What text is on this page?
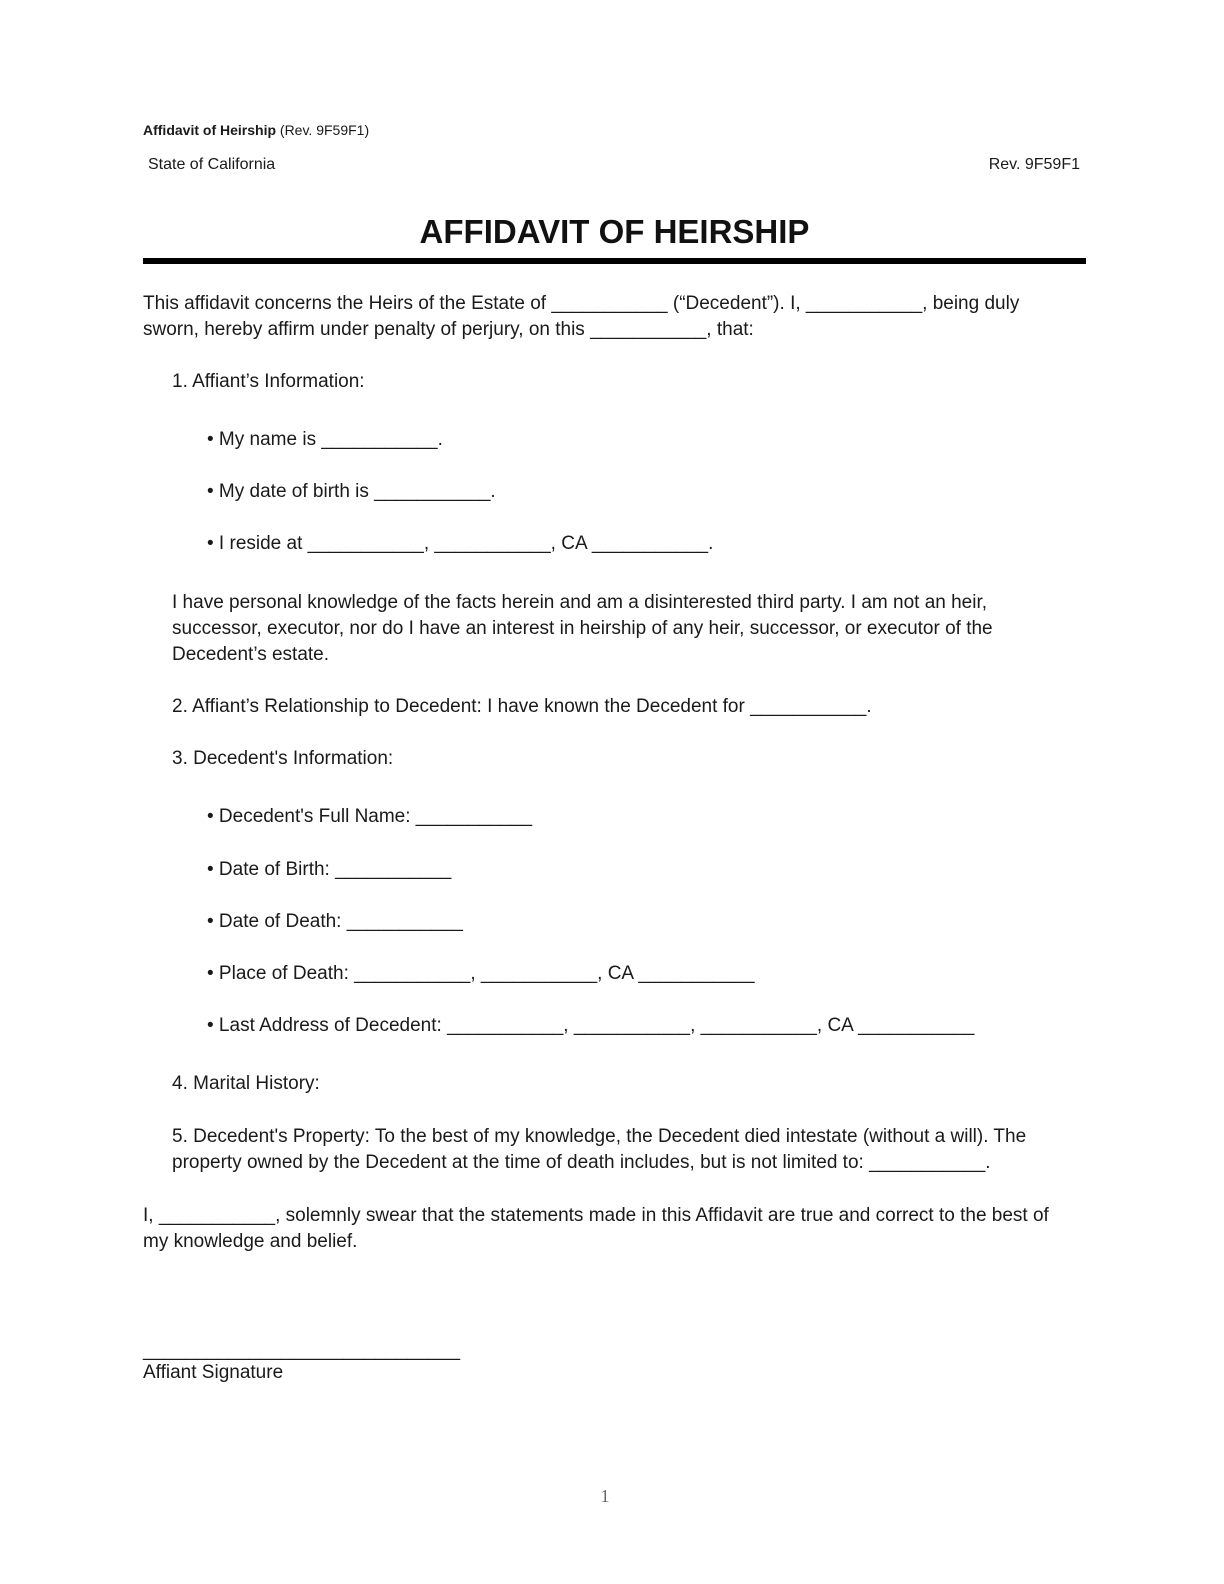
Affidavit of Heirship (Rev. 9F59F1)
State of California	Rev. 9F59F1
AFFIDAVIT OF HEIRSHIP

This affidavit concerns the Heirs of the Estate of ___________ (“Decedent”). I, ___________, being duly sworn, hereby affirm under penalty of perjury, on this ___________, that:

1. Affiant’s Information:
• My name is ___________.
• My date of birth is ___________.
• I reside at ___________, ___________, CA ___________.

I have personal knowledge of the facts herein and am a disinterested third party. I am not an heir, successor, executor, nor do I have an interest in heirship of any heir, successor, or executor of the Decedent’s estate.

2. Affiant’s Relationship to Decedent: I have known the Decedent for ___________.
3. Decedent's Information:
• Decedent's Full Name: ___________
• Date of Birth: ___________
• Date of Death: ___________
• Place of Death: ___________, ___________, CA ___________
• Last Address of Decedent: ___________, ___________, ___________, CA ___________
4. Marital History:

5. Decedent's Property: To the best of my knowledge, the Decedent died intestate (without a will). The property owned by the Decedent at the time of death includes, but is not limited to: ___________.

I, ___________, solemnly swear that the statements made in this Affidavit are true and correct to the best of my knowledge and belief.

______________________________
Affiant Signature
1
